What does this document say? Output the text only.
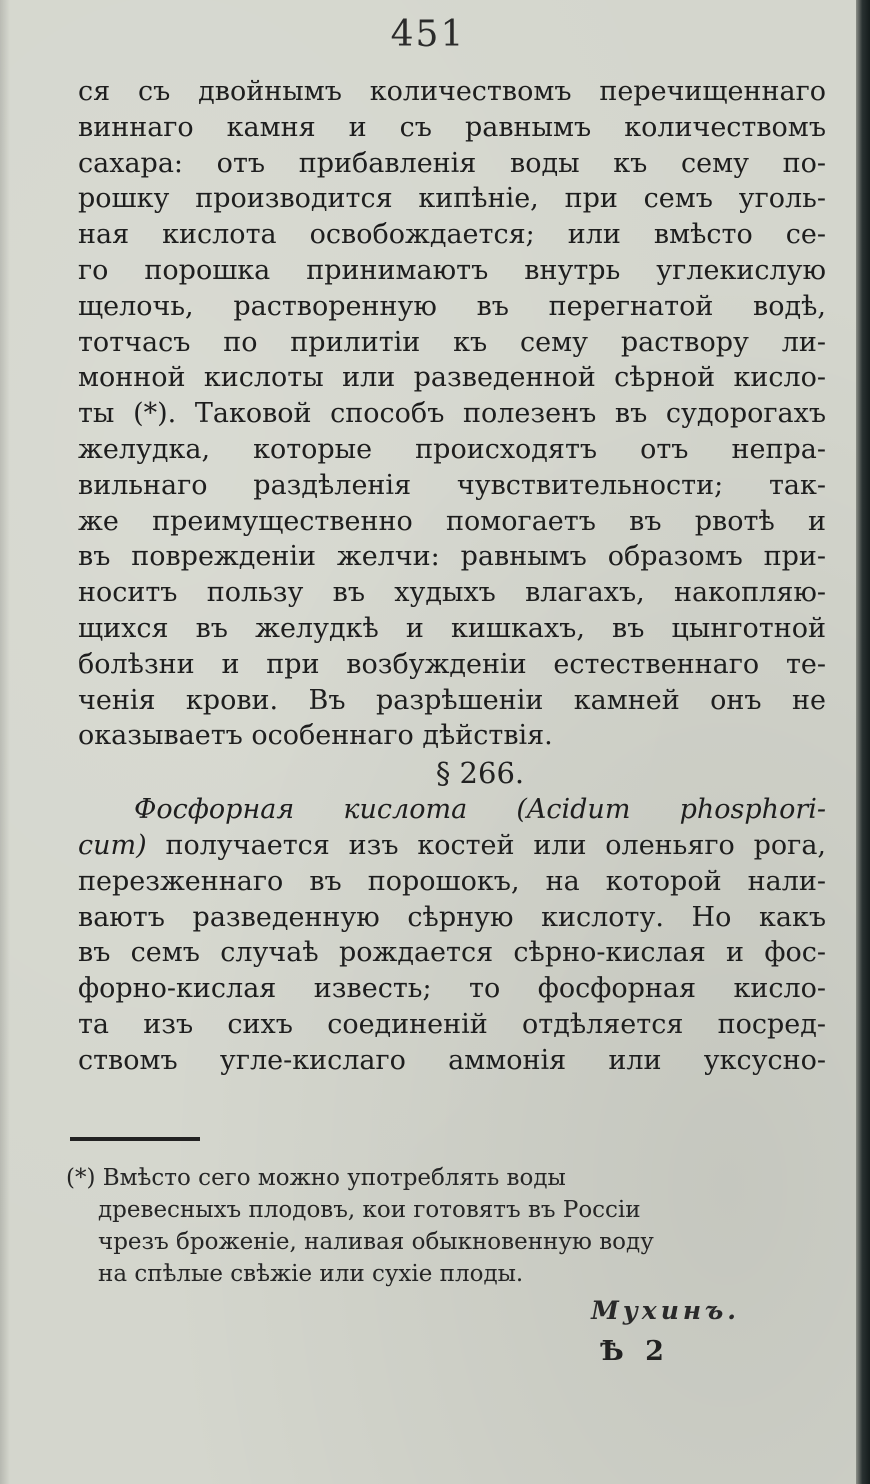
451
ся съ двойнымъ количествомъ перечищеннаго
виннаго камня и съ равнымъ количествомъ
сахара: отъ прибавленія воды къ сему по-
рошку производится кипѣніе, при семъ уголь-
ная кислота освобождается; или вмѣсто се-
го порошка принимаютъ внутрь углекислую
щелочь, растворенную въ перегнатой водѣ,
тотчасъ по прилитіи къ сему раствору ли-
монной кислоты или разведенной сѣрной кисло-
ты (*). Таковой способъ полезенъ въ судорогахъ
желудка, которые происходятъ отъ непра-
вильнаго раздѣленія чувствительности; так-
же преимущественно помогаетъ въ рвотѣ и
въ поврежденіи желчи: равнымъ образомъ при-
носитъ пользу въ худыхъ влагахъ, накопляю-
щихся въ желудкѣ и кишкахъ, въ цынготной
болѣзни и при возбужденіи естественнаго те-
ченія крови. Въ разрѣшеніи камней онъ не
оказываетъ особеннаго дѣйствія.
§ 266.
Фосфорная кислота (Acidum phosphori-
cum) получается изъ костей или оленьяго рога,
перезженнаго въ порошокъ, на которой нали-
ваютъ разведенную сѣрную кислоту. Но какъ
въ семъ случаѣ рождается сѣрно-кислая и фос-
форно-кислая известь; то фосфорная кисло-
та изъ сихъ соединеній отдѣляется посред-
ствомъ угле-кислаго аммонія или уксусно-
(*) Вмѣсто сего можно употреблять воды
древесныхъ плодовъ, кои готовятъ въ Россіи
чрезъ броженіе, наливая обыкновенную воду
на спѣлые свѣжіе или сухіе плоды.
Мухинъ.
Ѣ 2
